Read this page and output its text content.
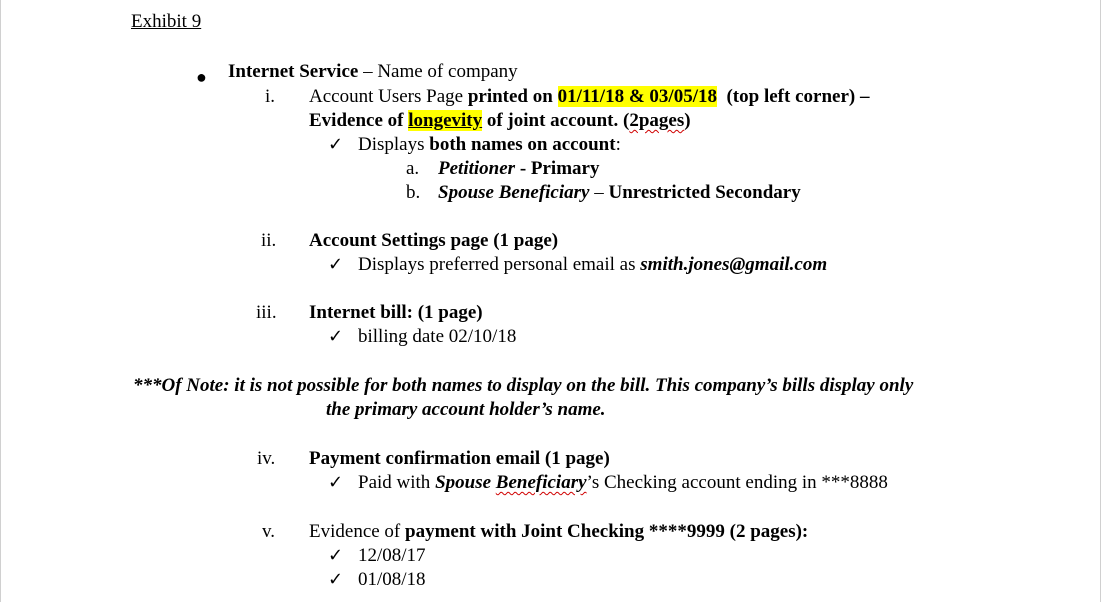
Exhibit 9
● Internet Service – Name of company
i. Account Users Page printed on 01/11/18 & 03/05/18  (top left corner) –
Evidence of longevity of joint account. (2pages)
✓ Displays both names on account:
a. Petitioner - Primary
b. Spouse Beneficiary – Unrestricted Secondary
ii. Account Settings page (1 page)
✓ Displays preferred personal email as smith.jones@gmail.com
iii. Internet bill: (1 page)
✓ billing date 02/10/18
***Of Note: it is not possible for both names to display on the bill. This company’s bills display only
the primary account holder’s name.
iv. Payment confirmation email (1 page)
✓ Paid with Spouse Beneficiary’s Checking account ending in ***8888
v. Evidence of payment with Joint Checking ****9999 (2 pages):
✓ 12/08/17
✓ 01/08/18
